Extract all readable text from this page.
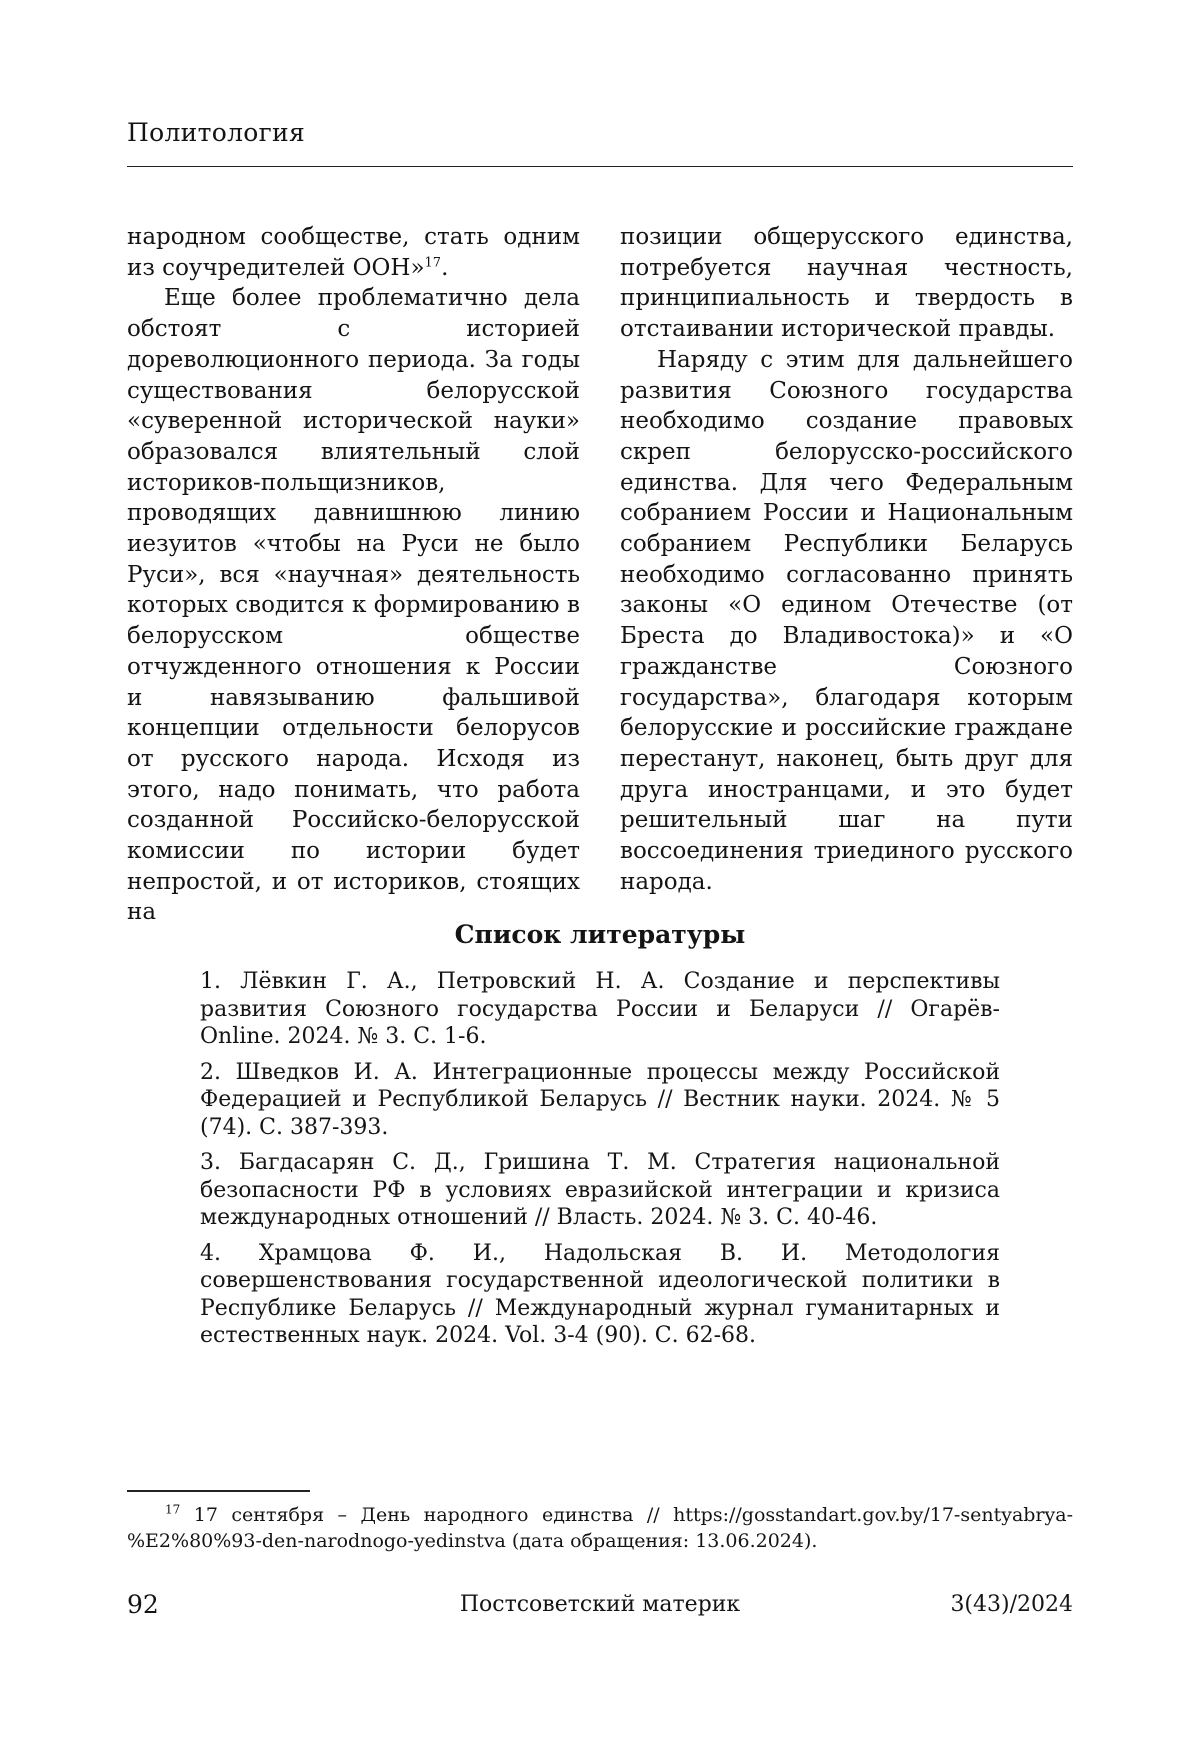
Политология

народном сообществе, стать одним из соучредителей ООН»$^{17}$.

Еще более проблематично дела обстоят с историей дореволюционного периода. За годы существования белорусской «суверенной исторической науки» образовался влиятельный слой историков-польщизников, проводящих давнишнюю линию иезуитов «чтобы на Руси не было Руси», вся «научная» деятельность которых сводится к формированию в белорусском обществе отчужденного отношения к России и навязыванию фальшивой концепции отдельности белорусов от русского народа. Исходя из этого, надо понимать, что работа созданной Российско-белорусской комиссии по истории будет непростой, и от историков, стоящих на

позиции общерусского единства, потребуется научная честность, принципиальность и твердость в отстаивании исторической правды.

Наряду с этим для дальнейшего развития Союзного государства необходимо создание правовых скреп белорусско-российского единства. Для чего Федеральным собранием России и Национальным собранием Республики Беларусь необходимо согласованно принять законы «О едином Отечестве (от Бреста до Владивостока)» и «О гражданстве Союзного государства», благодаря которым белорусские и российские граждане перестанут, наконец, быть друг для друга иностранцами, и это будет решительный шаг на пути воссоединения триединого русского народа.

Список литературы

1. Лёвкин Г. А., Петровский Н. А. Создание и перспективы развития Союзного государства России и Беларуси // Огарёв-Online. 2024. № 3. С. 1-6.

2. Шведков И. А. Интеграционные процессы между Российской Федерацией и Республикой Беларусь // Вестник науки. 2024. № 5 (74). С. 387-393.

3. Багдасарян С. Д., Гришина Т. М. Стратегия национальной безопасности РФ в условиях евразийской интеграции и кризиса международных отношений // Власть. 2024. № 3. С. 40-46.

4. Храмцова Ф. И., Надольская В. И. Методология совершенствования государственной идеологической политики в Республике Беларусь // Международный журнал гуманитарных и естественных наук. 2024. Vol. 3-4 (90). С. 62-68.

$^{17}$ 17 сентября – День народного единства // https://gosstandart.gov.by/17-sentyabrya-%E2%80%93-den-narodnogo-yedinstva (дата обращения: 13.06.2024).
92	Постсоветский материк	3(43)/2024
